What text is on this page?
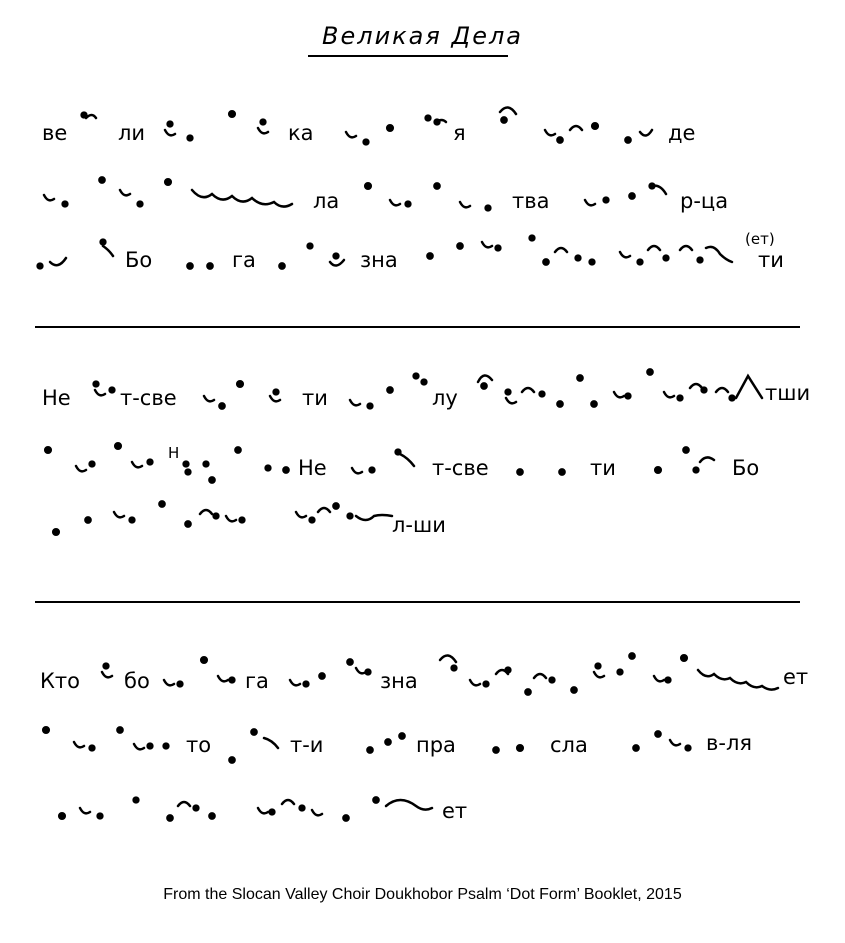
Великая Дела
ве ли	ка	я	де
ла	тва	р-ца
Бо	га	зна	ти
(ет)
Не т-све	ти	лу	тши
Н
Не	т-све	ти	Бо
л-ши
Кто бо	га	зна	ет
то	т-и	пра	сла	в-ля
ет
From the Slocan Valley Choir Doukhobor Psalm ‘Dot Form’ Booklet, 2015
